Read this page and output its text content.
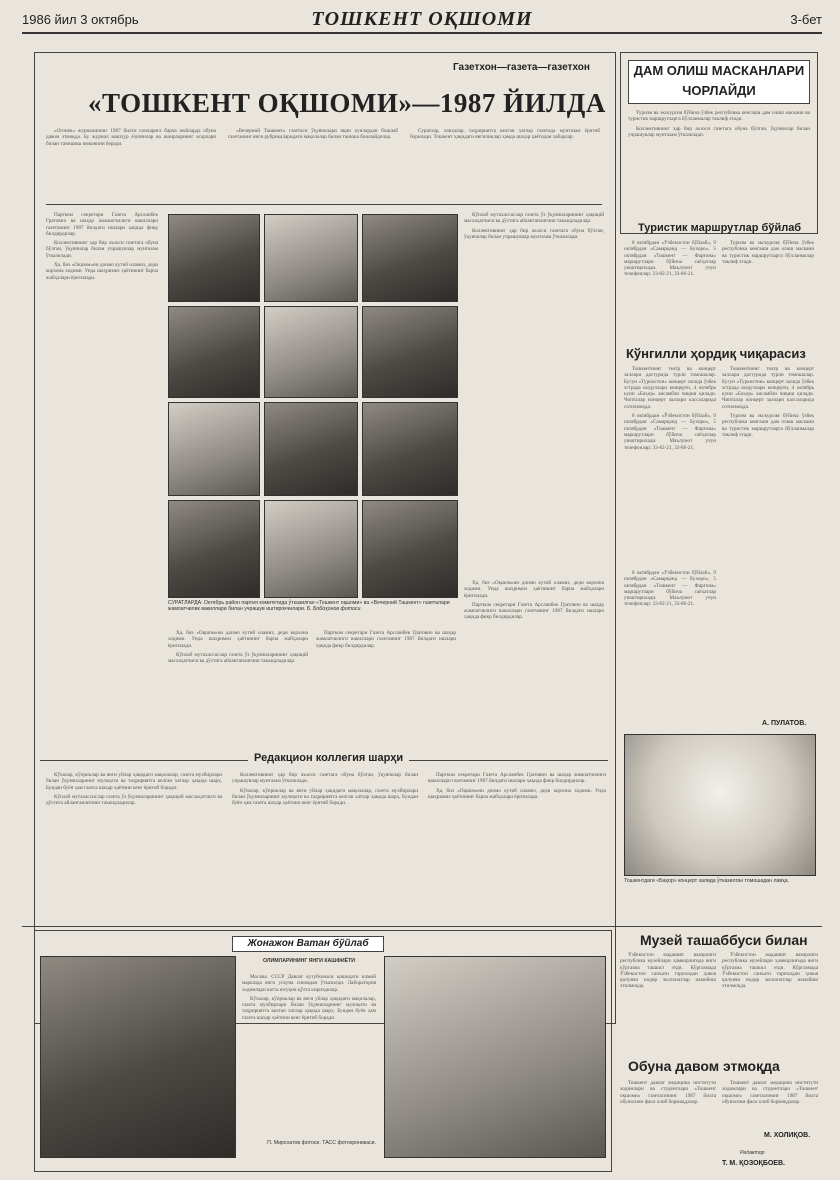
1986 йил 3 октябрь	ТОШКЕНТ ОҚШОМИ	3-бет
Газетхон—газета—газетхон
«ТОШКЕНТ ОҚШОМИ»—1987 ЙИЛДА

«Огонек» журналининг 1987 йилги сонларига барча жойларда обуна давом этмоқда. Бу журнал машҳур ёзувчилар ва шоирларнинг асарлари билан танишиш имконини беради.

«Вечерний Ташкент» газетаси ўқувчилари яқин кунлардан бошлаб газетанинг янги рубрикаларидаги мақолалар билан таниша бошлайдилар.

Суратлар, лавҳалар, таҳририятга келган хатлар газетада мунтазам ёритиб борилади. Тошкент ҳақидаги янгиликлар ҳамда шаҳар ҳаётидан хабарлар.

Партком секретари Газета Арсланбек Гратович ва шаҳар жамоатчилиги вакиллари газетанинг 1987 йилдаги ишлари ҳақида фикр билдирдилар.

Коллективнинг ҳар бир аъзоси газетага обуна бўлган, ўқувчилар билан учрашувлар мунтазам ўтказилади.

Ҳа, биз «Оқшом»ни доимо кутиб оламиз, деди корхона ходими. Унда шаҳримиз ҳаётининг барча жабҳалари ёритилади.

Кўплаб мутахассислар газета ўз ўқувчиларининг ҳақиқий маслаҳатчиси ва дўстига айланганлигини таъкидладилар.

Коллективнинг ҳар бир аъзоси газетага обуна бўлган, ўқувчилар билан учрашувлар мунтазам ўтказилади.

СУРАТЛАРДА: Октябрь район партия комитетида ўтказилган «Тошкент оқшоми» ва «Вечерний Ташкент» газеталари жамоатчилик вакиллари билан учрашув иштирокчилари. Б. Бобоҳонов фотоси.

Ҳа, биз «Оқшом»ни доимо кутиб оламиз, деди корхона ходими. Унда шаҳримиз ҳаётининг барча жабҳалари ёритилади.

Кўплаб мутахассислар газета ўз ўқувчиларининг ҳақиқий маслаҳатчиси ва дўстига айланганлигини таъкидладилар.

Партком секретари Газета Арсланбек Гратович ва шаҳар жамоатчилиги вакиллари газетанинг 1987 йилдаги ишлари ҳақида фикр билдирдилар.

Ҳа, биз «Оқшом»ни доимо кутиб оламиз, деди корхона ходими. Унда шаҳримиз ҳаётининг барча жабҳалари ёритилади.

Партком секретари Газета Арсланбек Гратович ва шаҳар жамоатчилиги вакиллари газетанинг 1987 йилдаги ишлари ҳақида фикр билдирдилар.

Редакцион коллегия шарҳи

Кўчалар, кўприклар ва янги уйлар ҳақидаги мақолалар, газета мухбирлари билан ўқувчиларнинг мулоқоти ва таҳририятга келган хатлар ҳақида шарҳ. Бундан буён ҳам газета шаҳар ҳаётини кенг ёритиб боради.

Кўплаб мутахассислар газета ўз ўқувчиларининг ҳақиқий маслаҳатчиси ва дўстига айланганлигини таъкидладилар.

Коллективнинг ҳар бир аъзоси газетага обуна бўлган, ўқувчилар билан учрашувлар мунтазам ўтказилади.

Кўчалар, кўприклар ва янги уйлар ҳақидаги мақолалар, газета мухбирлари билан ўқувчиларнинг мулоқоти ва таҳририятга келган хатлар ҳақида шарҳ. Бундан буён ҳам газета шаҳар ҳаётини кенг ёритиб боради.

Партком секретари Газета Арсланбек Гратович ва шаҳар жамоатчилиги вакиллари газетанинг 1987 йилдаги ишлари ҳақида фикр билдирдилар.

Ҳа, биз «Оқшом»ни доимо кутиб оламиз, деди корхона ходими. Унда шаҳримиз ҳаётининг барча жабҳалари ёритилади.

ДАМ ОЛИШ МАСКАНЛАРИ
ЧОРЛАЙДИ

Туризм ва экскурсия бўйича ўзбек республика кенгаши дам олиш маскани ва туристик маршрутларга йўлланмалар таклиф этади.

Коллективнинг ҳар бир аъзоси газетага обуна бўлган, ўқувчилар билан учрашувлар мунтазам ўтказилади.

Туристик маршрутлар бўйлаб

8 октябрдан «Ўзбекистон бўйлаб», 9 октябрдан «Самарқанд — Бухоро», 5 октябрдан «Тошкент — Фарғона» маршрутлари бўйича саёҳатлар уюштирилади. Маълумот учун телефонлар: 33-82-21, 33-86-21.

Туризм ва экскурсия бўйича ўзбек республика кенгаши дам олиш маскани ва туристик маршрутларга йўлланмалар таклиф этади.

Кўнгилли ҳордиқ чиқарасиз

Тошкентнинг театр ва концерт заллари дастурида турли томошалар. Бугун «Туркистон» концерт залида ўзбек эстрада юлдузлари концерти, 4 октябрь куни «Баҳор» ансамбли чиқиш қилади. Чипталар концерт заллари кассаларида сотилмоқда.

8 октябрдан «Ўзбекистон бўйлаб», 9 октябрдан «Самарқанд — Бухоро», 5 октябрдан «Тошкент — Фарғона» маршрутлари бўйича саёҳатлар уюштирилади. Маълумот учун телефонлар: 33-82-21, 33-86-21.

Тошкентнинг театр ва концерт заллари дастурида турли томошалар. Бугун «Туркистон» концерт залида ўзбек эстрада юлдузлари концерти, 4 октябрь куни «Баҳор» ансамбли чиқиш қилади. Чипталар концерт заллари кассаларида сотилмоқда.

Туризм ва экскурсия бўйича ўзбек республика кенгаши дам олиш маскани ва туристик маршрутларга йўлланмалар таклиф этади.

8 октябрдан «Ўзбекистон бўйлаб», 9 октябрдан «Самарқанд — Бухоро», 5 октябрдан «Тошкент — Фарғона» маршрутлари бўйича саёҳатлар уюштирилади. Маълумот учун телефонлар: 33-82-21, 33-86-21.

А. ПУЛАТОВ.
Тошкентдаги «Баҳор» концерт залида ўтказилган томошадан лавҳа.
Жонажон Ватан бўйлаб
ОЛИМЛАРИНИНГ ЯНГИ КАШФИЁТИ

Москва. СССР Давлат кутубхонаси қошидаги илмий марказда янги ускуна синовдан ўтказилди. Лаборатория ходимлари катта ютуқни қўлга киритдилар.

Кўчалар, кўприклар ва янги уйлар ҳақидаги мақолалар, газета мухбирлари билан ўқувчиларнинг мулоқоти ва таҳририятга келган хатлар ҳақида шарҳ. Бундан буён ҳам газета шаҳар ҳаётини кенг ёритиб боради.

П. Мирсоатов фотоси. ТАСС фотохроникаси.
Музей ташаббуси билан

Ўзбекистон маданият вазирлиги республика музейлари ҳамкорлигида янги кўргазма ташкил этди. Кўргазмада Ўзбекистон санъати тарихидан ҳикоя қилувчи нодир экспонатлар намойиш этилмоқда.

Ўзбекистон маданият вазирлиги республика музейлари ҳамкорлигида янги кўргазма ташкил этди. Кўргазмада Ўзбекистон санъати тарихидан ҳикоя қилувчи нодир экспонатлар намойиш этилмоқда.

Обуна давом этмоқда

Тошкент давлат медицина институти ходимлари ва студентлари «Тошкент оқшоми» газетасининг 1987 йилга обунасини фаол олиб бормоқдалар.

Тошкент давлат медицина институти ходимлари ва студентлари «Тошкент оқшоми» газетасининг 1987 йилга обунасини фаол олиб бормоқдалар.

М. ХОЛИҚОВ.
Редактор
Т. М. ҚОЗОҚБОЕВ.
